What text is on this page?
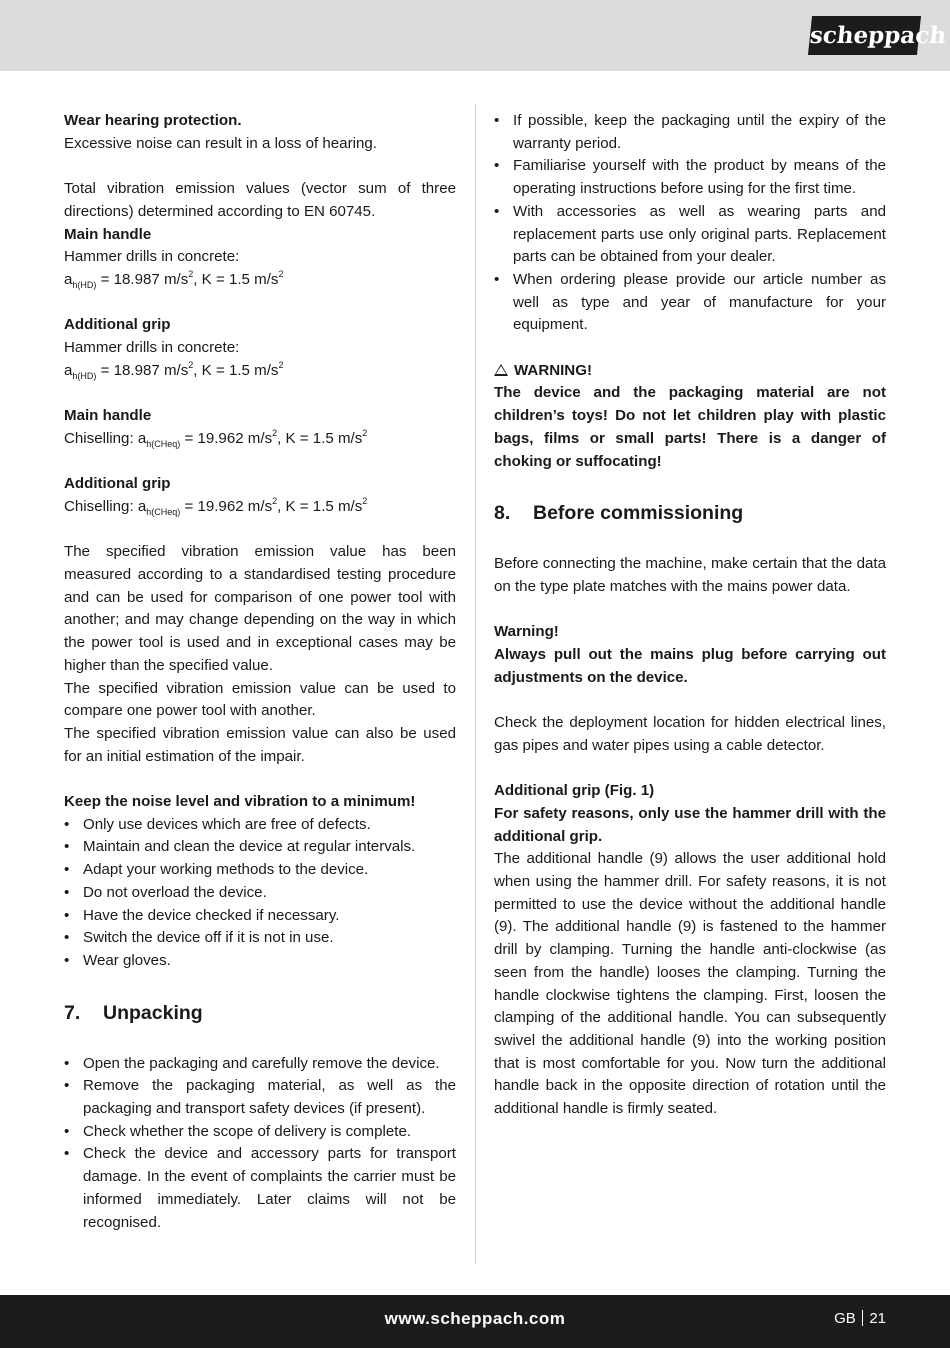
scheppach

Wear hearing protection.

Excessive noise can result in a loss of hearing.

Total vibration emission values (vector sum of three directions) determined according to EN 60745.

Main handle

Hammer drills in concrete:

$a_{h(HD)} = 18.987$ $m/s^2$, K = 1.5 $m/s^2$

Additional grip

Hammer drills in concrete:

$a_{h(HD)} = 18.987$ $m/s^2$, K = 1.5 $m/s^2$

Main handle

Chiselling: $a_{h(CHeq)} = 19.962$ $m/s^2$, K = 1.5 $m/s^2$

Additional grip

Chiselling: $a_{h(CHeq)} = 19.962$ $m/s^2$, K = 1.5 $m/s^2$

The specified vibration emission value has been measured according to a standardised testing procedure and can be used for comparison of one power tool with another; and may change depending on the way in which the power tool is used and in exceptional cases may be higher than the specified value.

The specified vibration emission value can be used to compare one power tool with another.

The specified vibration emission value can also be used for an initial estimation of the impair.

Keep the noise level and vibration to a minimum!

• Only use devices which are free of defects.
• Maintain and clean the device at regular intervals.
• Adapt your working methods to the device.
• Do not overload the device.
• Have the device checked if necessary.
• Switch the device off if it is not in use.
• Wear gloves.
7.	Unpacking
• Open the packaging and carefully remove the device.
• Remove the packaging material, as well as the packaging and transport safety devices (if present).
• Check whether the scope of delivery is complete.
• Check the device and accessory parts for transport damage. In the event of complaints the carrier must be informed immediately. Later claims will not be recognised.
• If possible, keep the packaging until the expiry of the warranty period.
• Familiarise yourself with the product by means of the operating instructions before using for the first time.
• With accessories as well as wearing parts and replacement parts use only original parts. Replacement parts can be obtained from your dealer.
• When ordering please provide our article number as well as type and year of manufacture for your equipment.

WARNING!

The device and the packaging material are not children’s toys! Do not let children play with plastic bags, films or small parts! There is a danger of choking or suffocating!

8.	Before commissioning

Before connecting the machine, make certain that the data on the type plate matches with the mains power data.

Warning!

Always pull out the mains plug before carrying out adjustments on the device.

Check the deployment location for hidden electrical lines, gas pipes and water pipes using a cable detector.

Additional grip (Fig. 1)

For safety reasons, only use the hammer drill with the additional grip.

The additional handle (9) allows the user additional hold when using the hammer drill. For safety reasons, it is not permitted to use the device without the additional handle (9). The additional handle (9) is fastened to the hammer drill by clamping. Turning the handle anti-clockwise (as seen from the handle) looses the clamping. Turning the handle clockwise tightens the clamping. First, loosen the clamping of the additional handle. You can subsequently swivel the additional handle (9) into the working position that is most comfortable for you. Now turn the additional handle back in the opposite direction of rotation until the additional handle is firmly seated.

www.scheppach.com	GB 21
